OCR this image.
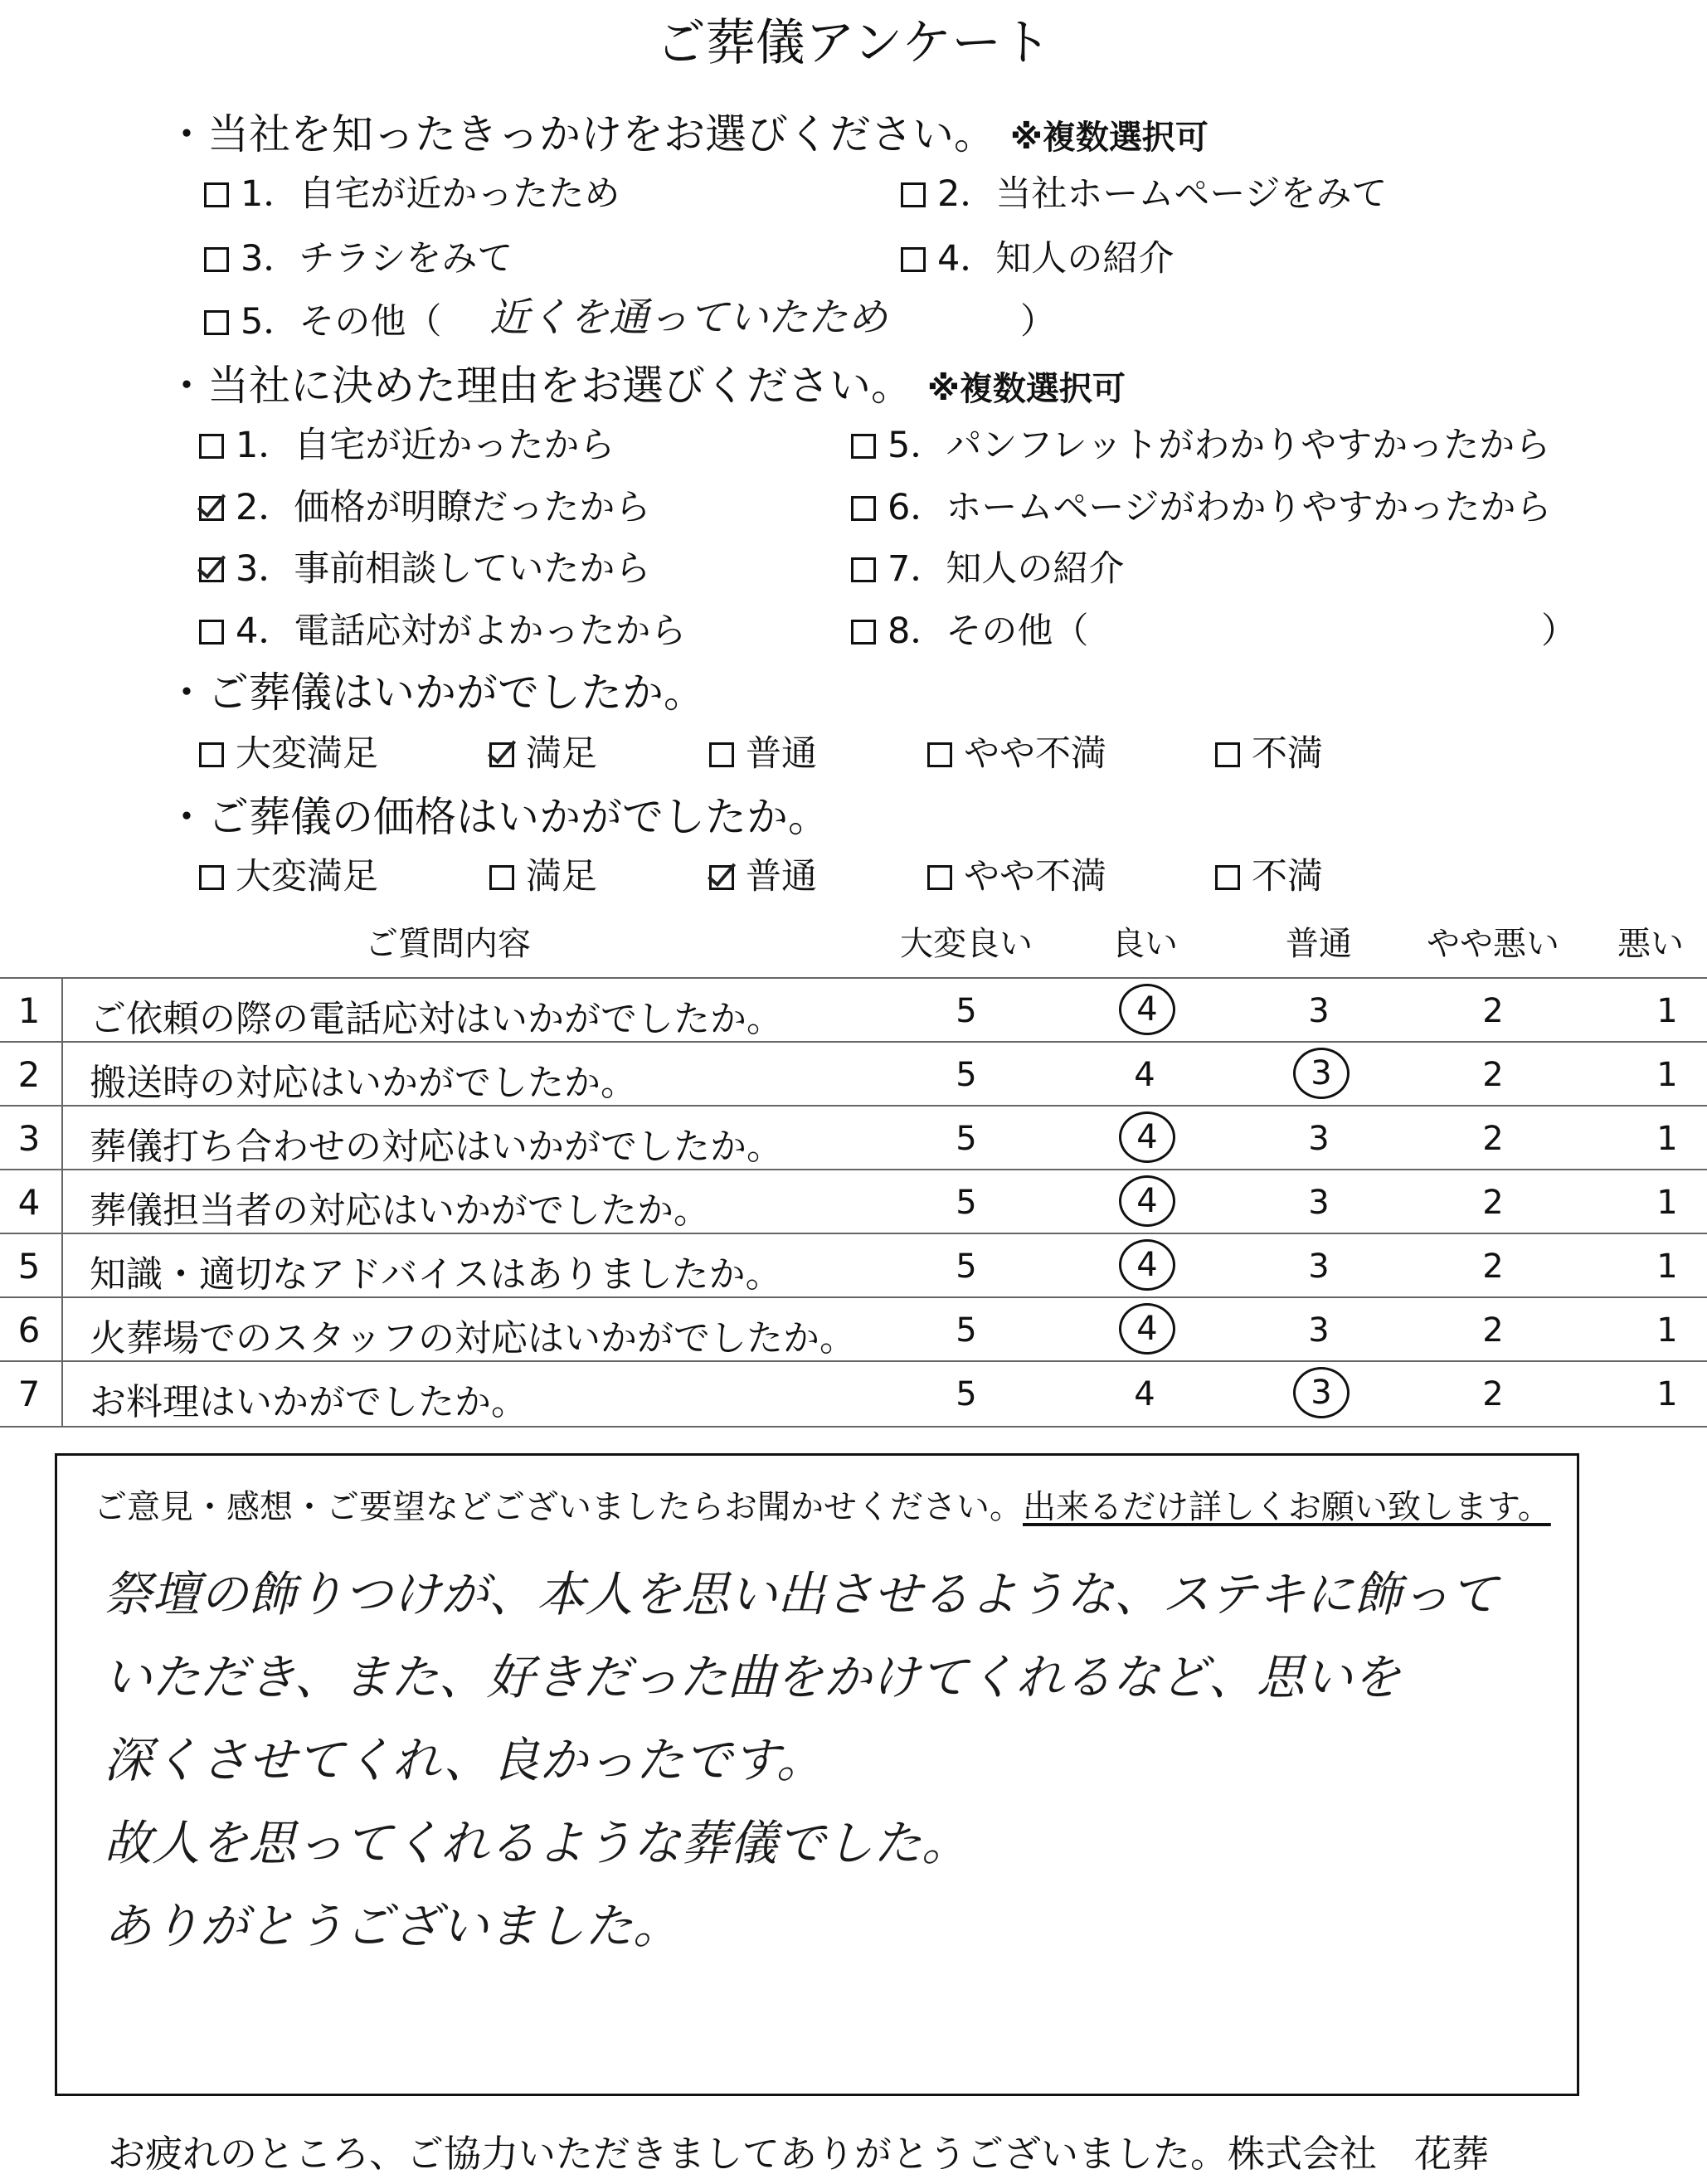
ご葬儀アンケート
・当社を知ったきっかけをお選びください。 ※複数選択可
1．自宅が近かったため	2．当社ホームページをみて
3．チラシをみて	4．知人の紹介
5．その他（ 近くを通っていたため	）
・当社に決めた理由をお選びください。 ※複数選択可
1．自宅が近かったから
2．価格が明瞭だったから
3．事前相談していたから
4．電話応対がよかったから
5．パンフレットがわかりやすかったから
6．ホームページがわかりやすかったから
7．知人の紹介
8．その他（	）
・ご葬儀はいかがでしたか。
大変満足	満足	普通	やや不満	不満
・ご葬儀の価格はいかがでしたか。
大変満足	満足	普通	やや不満	不満
ご質問内容	大変良い	良い	普通	やや悪い	悪い
1	ご依頼の際の電話応対はいかがでしたか。	5	4	3	2	1
2	搬送時の対応はいかがでしたか。	5	4	3	2	1
3	葬儀打ち合わせの対応はいかがでしたか。	5	4	3	2	1
4	葬儀担当者の対応はいかがでしたか。	5	4	3	2	1
5	知識・適切なアドバイスはありましたか。	5	4	3	2	1
6	火葬場でのスタッフの対応はいかがでしたか。	5	4	3	2	1
7	お料理はいかがでしたか。	5	4	3	2	1
ご意見・感想・ご要望などございましたらお聞かせください。出来るだけ詳しくお願い致します。
祭壇の飾りつけが、本人を思い出させるような、ステキに飾って
いただき、また、好きだった曲をかけてくれるなど、思いを
深くさせてくれ、良かったです。
故人を思ってくれるような葬儀でした。
ありがとうございました。
お疲れのところ、ご協力いただきましてありがとうございました。株式会社　花葬
